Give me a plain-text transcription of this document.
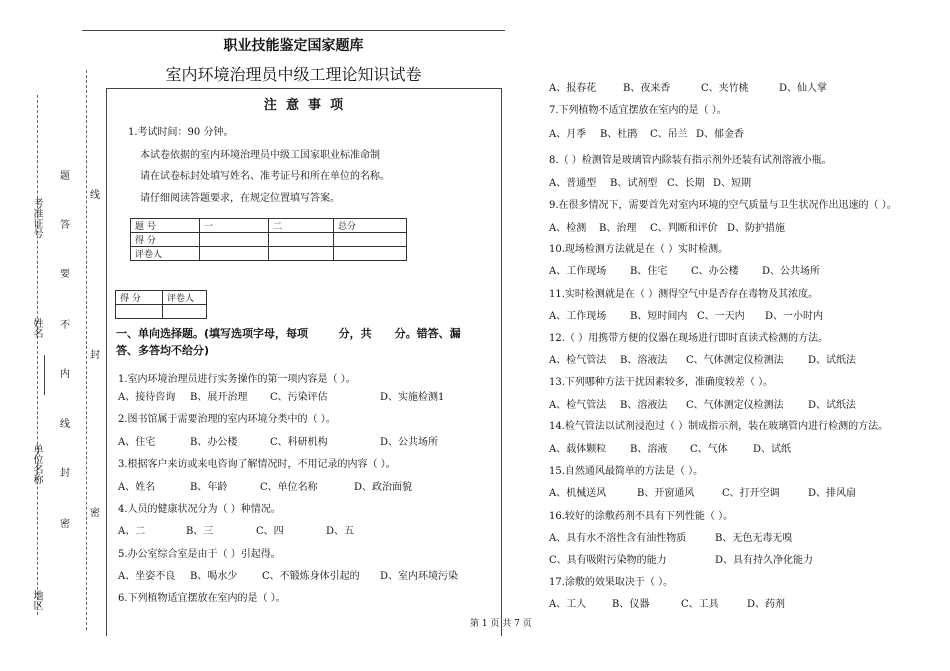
考准证号
姓名
单位名称
地区
题
答
要
不
内
线
封
密
线
封
密
职业技能鉴定国家题库
室内环境治理员中级工理论知识试卷
注  意  事  项
1.考试时间：90 分钟。
本试卷依据的室内环境治理员中级工国家职业标准命制
请在试卷标封处填写姓名、准考证号和所在单位的名称。
请仔细阅读答题要求，在规定位置填写答案。
题 号	一	二	总分
得 分			
评卷人			
得 分	评卷人

一、单向选择题。(填写选项字母，每项        分，共      分。错答、漏答、多答均不给分)
1.室内环境治理员进行实务操作的第一项内容是（ ）。
A、接待咨询 B、展开治理 C、污染评估	D、实施检测1
2.图书馆属于需要治理的室内环境分类中的（ ）。
A、住宅	B、办公楼	C、科研机构	D、公共场所
3.根据客户来访或来电咨询了解情况时，不用记录的内容（ ）。
A、姓名	B、年龄	C、单位名称	D、政治面貌
4.人员的健康状况分为（ ）种情况。
A、二	B、三	C、四	D、五
5.办公室综合室是由于（ ）引起得。
A、坐姿不良 B、喝水少 C、不锻炼身体引起的 D、室内环境污染
6.下列植物适宜摆放在室内的是（ ）。
A、报春花	B、夜来香	C、夹竹桃	D、仙人掌
7.下列植物不适宜摆放在室内的是（ ）。
A、月季 B、杜鹃 C、吊兰 D、郁金香
8.（ ）检测管是玻璃管内除装有指示剂外还装有试剂溶液小瓶。
A、普通型 B、试剂型 C、长期 D、短期
9.在很多情况下，需要首先对室内环境的空气质量与卫生状况作出迅速的（ ）。
A、检测 B、治理 C、判断和评价 D、防护措施
10.现场检测方法就是在（ ）实时检测。
A、工作现场 B、住宅 C、办公楼 D、公共场所
11.实时检测就是在（ ）测得空气中是否存在毒物及其浓度。
A、工作现场 B、短时间内 C、一天内 D、一小时内
12.（ ）用携带方便的仪器在现场进行即时直读式检测的方法。
A、检气管法 B、溶液法 C、气体测定仪检测法 D、试纸法
13.下列哪种方法干扰因素较多，准确度较差（ ）。
A、检气管法 B、溶液法 C、气体测定仪检测法 D、试纸法
14.检气管法以试剂浸泡过（ ）制成指示剂，装在玻璃管内进行检测的方法。
A、载体颗粒 B、溶液 C、气体	D、试纸
15.自然通风最简单的方法是（ ）。
A、机械送风	B、开窗通风	C、打开空调	D、排风扇
16.较好的涂敷药剂不具有下列性能（ ）。
A、具有水不溶性含有油性物质	B、无色无毒无嗅
C、具有吸附污染物的能力	D、具有持久净化能力
17.涂敷的效果取决于（ ）。
A、工人	B、仪器	C、工具	D、药剂
第 1 页 共 7 页
